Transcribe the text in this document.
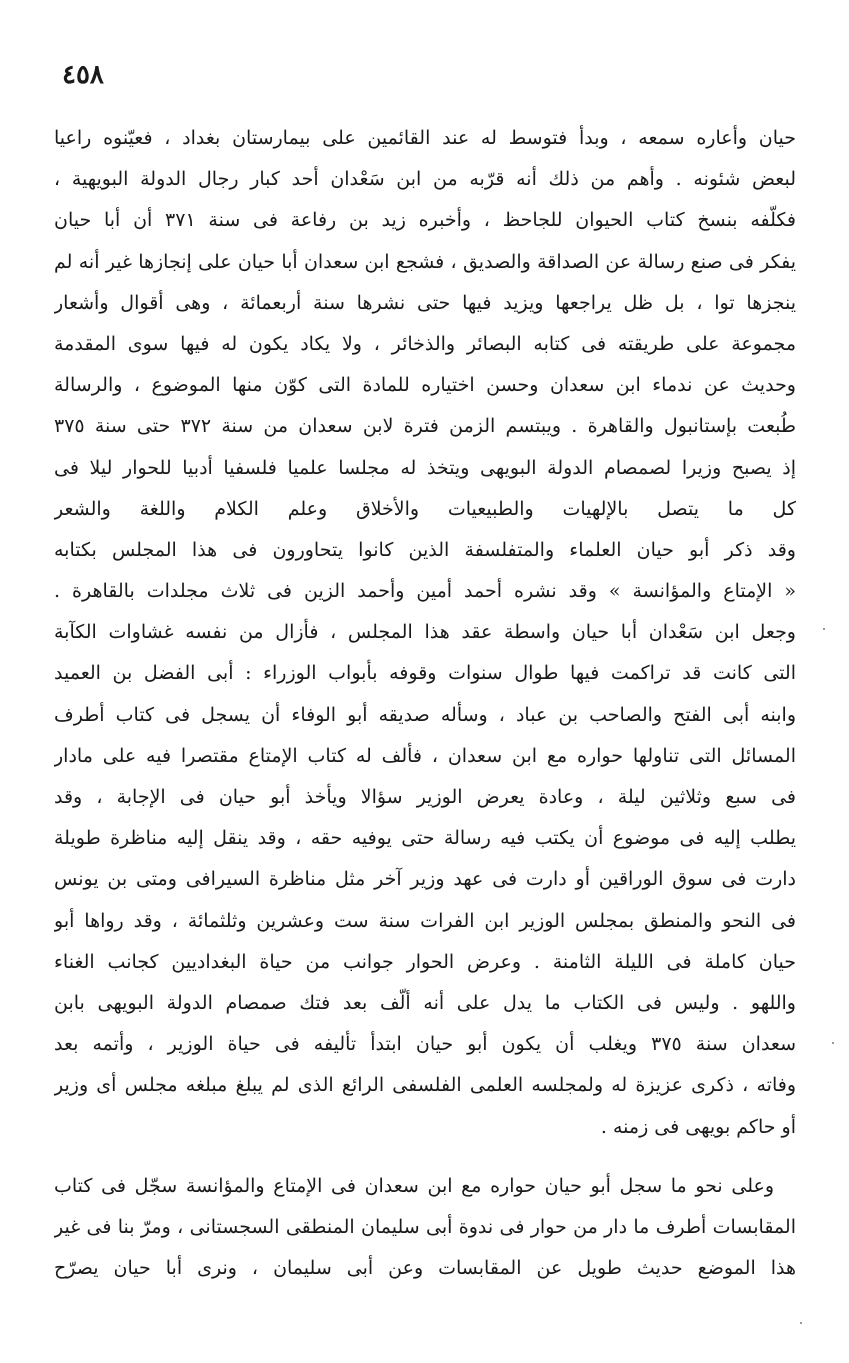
٤٥٨
حيان وأعاره سمعه ، وبدأ فتوسط له عند القائمين على بيمارستان بغداد ، فعيّنوه راعيا
لبعض شئونه . وأهم من ذلك أنه قرّبه من ابن سَعْدان أحد كبار رجال الدولة البويهية ،
فكلّفه بنسخ كتاب الحيوان للجاحظ ، وأخبره زيد بن رفاعة فى سنة ٣٧١ أن أبا حيان
يفكر فى صنع رسالة عن الصداقة والصديق ، فشجع ابن سعدان أبا حيان على إنجازها غير أنه لم
ينجزها توا ، بل ظل يراجعها ويزيد فيها حتى نشرها سنة أربعمائة ، وهى أقوال وأشعار
مجموعة على طريقته فى كتابه البصائر والذخائر ، ولا يكاد يكون له فيها سوى المقدمة
وحديث عن ندماء ابن سعدان وحسن اختياره للمادة التى كوّن منها الموضوع ، والرسالة
طُبعت بإستانبول والقاهرة . ويبتسم الزمن فترة لابن سعدان من سنة ٣٧٢ حتى سنة ٣٧٥
إذ يصبح وزيرا لصمصام الدولة البويهى ويتخذ له مجلسا علميا فلسفيا أدبيا للحوار ليلا فى
كل ما يتصل بالإلهيات والطبيعيات والأخلاق وعلم الكلام واللغة والشعر
وقد ذكر أبو حيان العلماء والمتفلسفة الذين كانوا يتحاورون فى هذا المجلس بكتابه
« الإمتاع والمؤانسة » وقد نشره أحمد أمين وأحمد الزين فى ثلاث مجلدات بالقاهرة .
وجعل ابن سَعْدان أبا حيان واسطة عقد هذا المجلس ، فأزال من نفسه غشاوات الكآبة
التى كانت قد تراكمت فيها طوال سنوات وقوفه بأبواب الوزراء : أبى الفضل بن العميد
وابنه أبى الفتح والصاحب بن عباد ، وسأله صديقه أبو الوفاء أن يسجل فى كتاب أطرف
المسائل التى تناولها حواره مع ابن سعدان ، فألف له كتاب الإمتاع مقتصرا فيه على مادار
فى سبع وثلاثين ليلة ، وعادة يعرض الوزير سؤالا ويأخذ أبو حيان فى الإجابة ، وقد
يطلب إليه فى موضوع أن يكتب فيه رسالة حتى يوفيه حقه ، وقد ينقل إليه مناظرة طويلة
دارت فى سوق الوراقين أو دارت فى عهد وزير آخر مثل مناظرة السيرافى ومتى بن يونس
فى النحو والمنطق بمجلس الوزير ابن الفرات سنة ست وعشرين وثلثمائة ، وقد رواها أبو
حيان كاملة فى الليلة الثامنة . وعرض الحوار جوانب من حياة البغداديين كجانب الغناء
واللهو . وليس فى الكتاب ما يدل على أنه ألّف بعد فتك صمصام الدولة البويهى بابن
سعدان سنة ٣٧٥ ويغلب أن يكون أبو حيان ابتدأ تأليفه فى حياة الوزير ، وأتمه بعد
وفاته ، ذكرى عزيزة له ولمجلسه العلمى الفلسفى الرائع الذى لم يبلغ مبلغه مجلس أى وزير
أو حاكم بويهى فى زمنه .
وعلى نحو ما سجل أبو حيان حواره مع ابن سعدان فى الإمتاع والمؤانسة سجّل فى كتاب
المقابسات أطرف ما دار من حوار فى ندوة أبى سليمان المنطقى السجستانى ، ومرّ بنا فى غير
هذا الموضع حديث طويل عن المقابسات وعن أبى سليمان ، ونرى أبا حيان يصرّح
